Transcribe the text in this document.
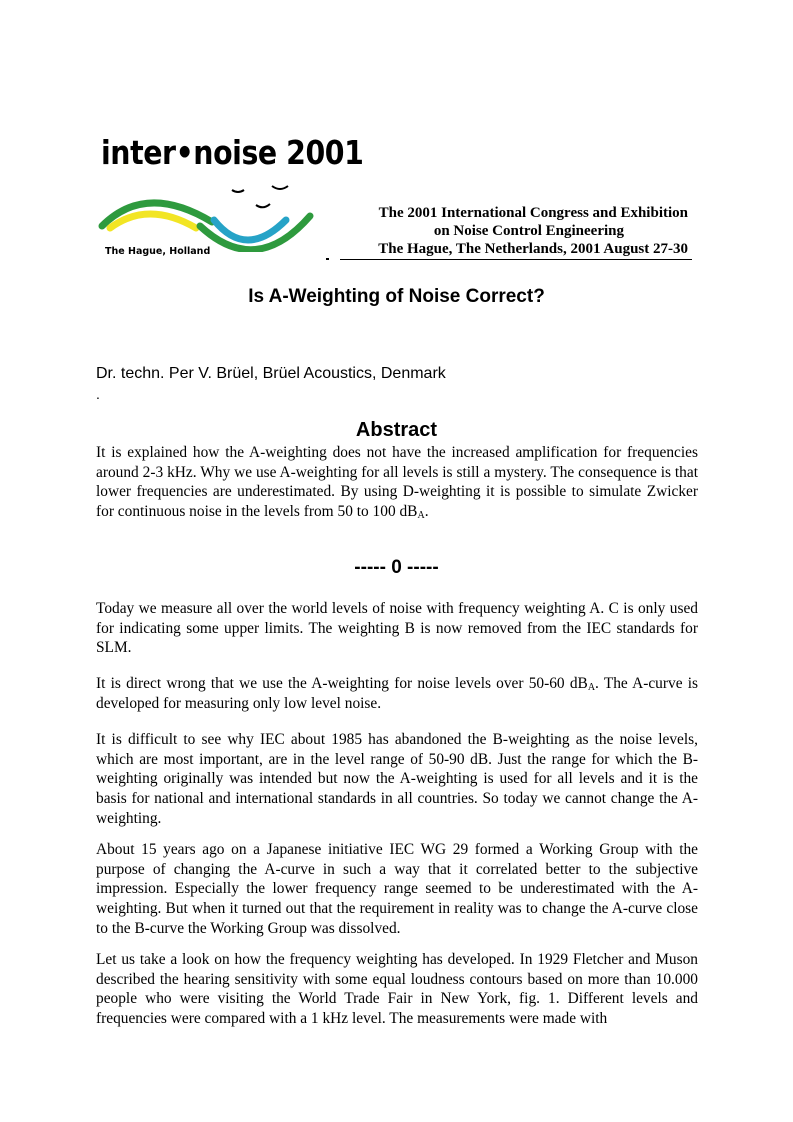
inter•noise 2001
The Hague, Holland
The 2001 International Congress and Exhibition
on Noise Control Engineering
The Hague, The Netherlands, 2001 August 27-30
Is A-Weighting of Noise Correct?

Dr. techn. Per V. Brüel, Brüel Acoustics, Denmark

.
Abstract

It is explained how the A-weighting does not have the increased amplification for frequencies around 2-3 kHz. Why we use A-weighting for all levels is still a mystery. The consequence is that lower frequencies are underestimated. By using D-weighting it is possible to simulate Zwicker for continuous noise in the levels from 50 to 100 $dB_A$.

----- 0 -----

Today we measure all over the world levels of noise with frequency weighting A. C is only used for indicating some upper limits. The weighting B is now removed from the IEC standards for SLM.

It is direct wrong that we use the A-weighting for noise levels over 50-60 $dB_A$. The A-curve is developed for measuring only low level noise.

It is difficult to see why IEC about 1985 has abandoned the B-weighting as the noise levels, which are most important, are in the level range of 50-90 dB. Just the range for which the B-weighting originally was intended but now the A-weighting is used for all levels and it is the basis for national and international standards in all countries. So today we cannot change the A-weighting.

About 15 years ago on a Japanese initiative IEC WG 29 formed a Working Group with the purpose of changing the A-curve in such a way that it correlated better to the subjective impression. Especially the lower frequency range seemed to be underestimated with the A-weighting. But when it turned out that the requirement in reality was to change the A-curve close to the B-curve the Working Group was dissolved.

Let us take a look on how the frequency weighting has developed. In 1929 Fletcher and Muson described the hearing sensitivity with some equal loudness contours based on more than 10.000 people who were visiting the World Trade Fair in New York, fig. 1. Different levels and frequencies were compared with a 1 kHz level. The measurements were made with
